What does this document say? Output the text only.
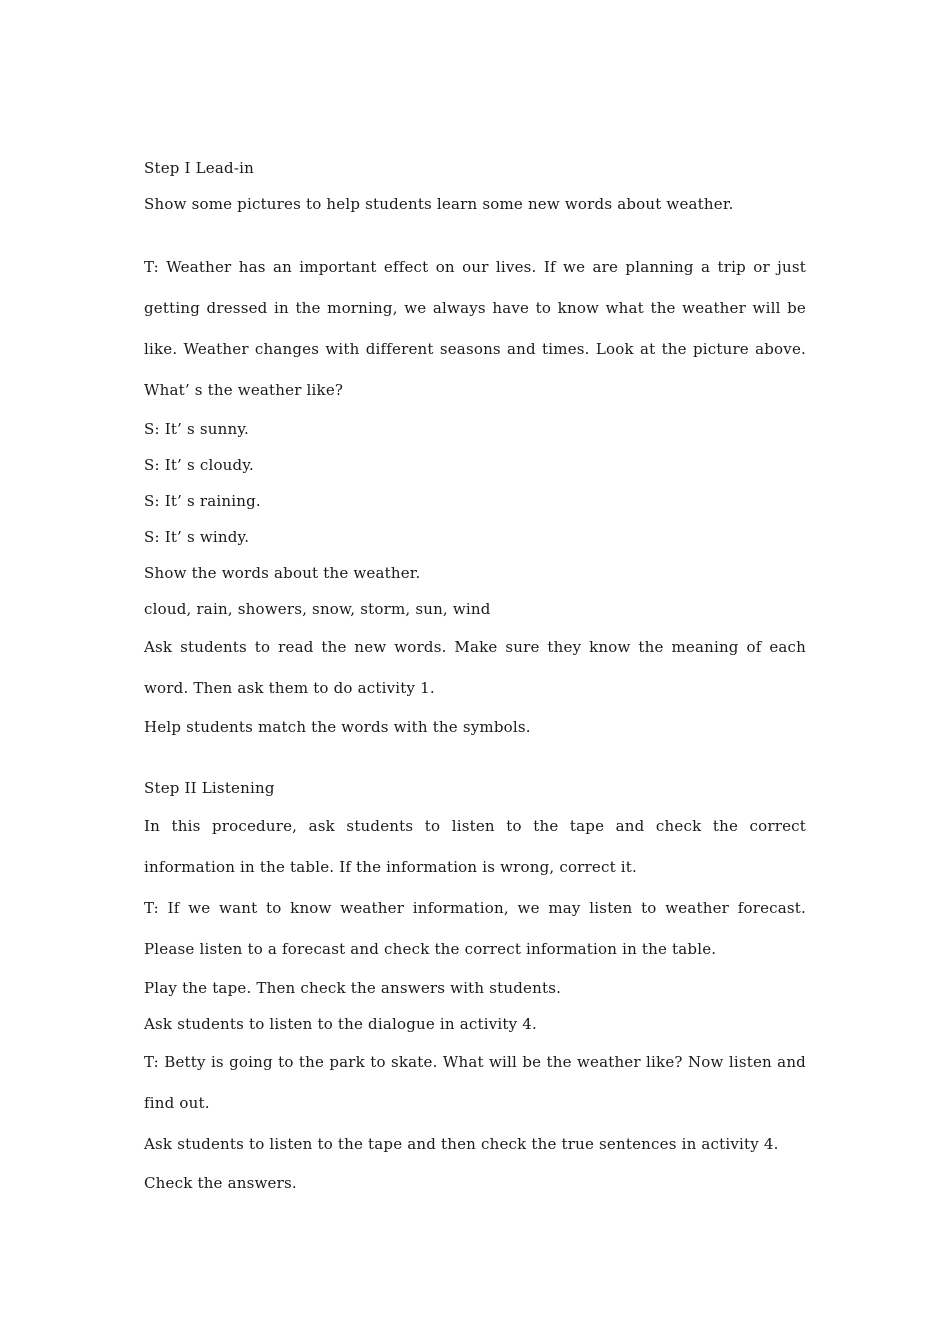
Step I Lead-in

Show some pictures to help students learn some new words about weather.

T: Weather has an important effect on our lives. If we are planning a trip or just getting dressed in the morning, we always have to know what the weather will be like. Weather changes with different seasons and times. Look at the picture above. What’ s the weather like?

S: It’ s sunny.

S: It’ s cloudy.

S: It’ s raining.

S: It’ s windy.

Show the words about the weather.

cloud, rain, showers, snow, storm, sun, wind

Ask students to read the new words. Make sure they know the meaning of each word. Then ask them to do activity 1.

Help students match the words with the symbols.

Step II Listening

In this procedure, ask students to listen to the tape and check the correct information in the table. If the information is wrong, correct it.

T: If we want to know weather information, we may listen to weather forecast. Please listen to a forecast and check the correct information in the table.

Play the tape. Then check the answers with students.

Ask students to listen to the dialogue in activity 4.

T: Betty is going to the park to skate. What will be the weather like? Now listen and find out.

Ask students to listen to the tape and then check the true sentences in activity 4.

Check the answers.
